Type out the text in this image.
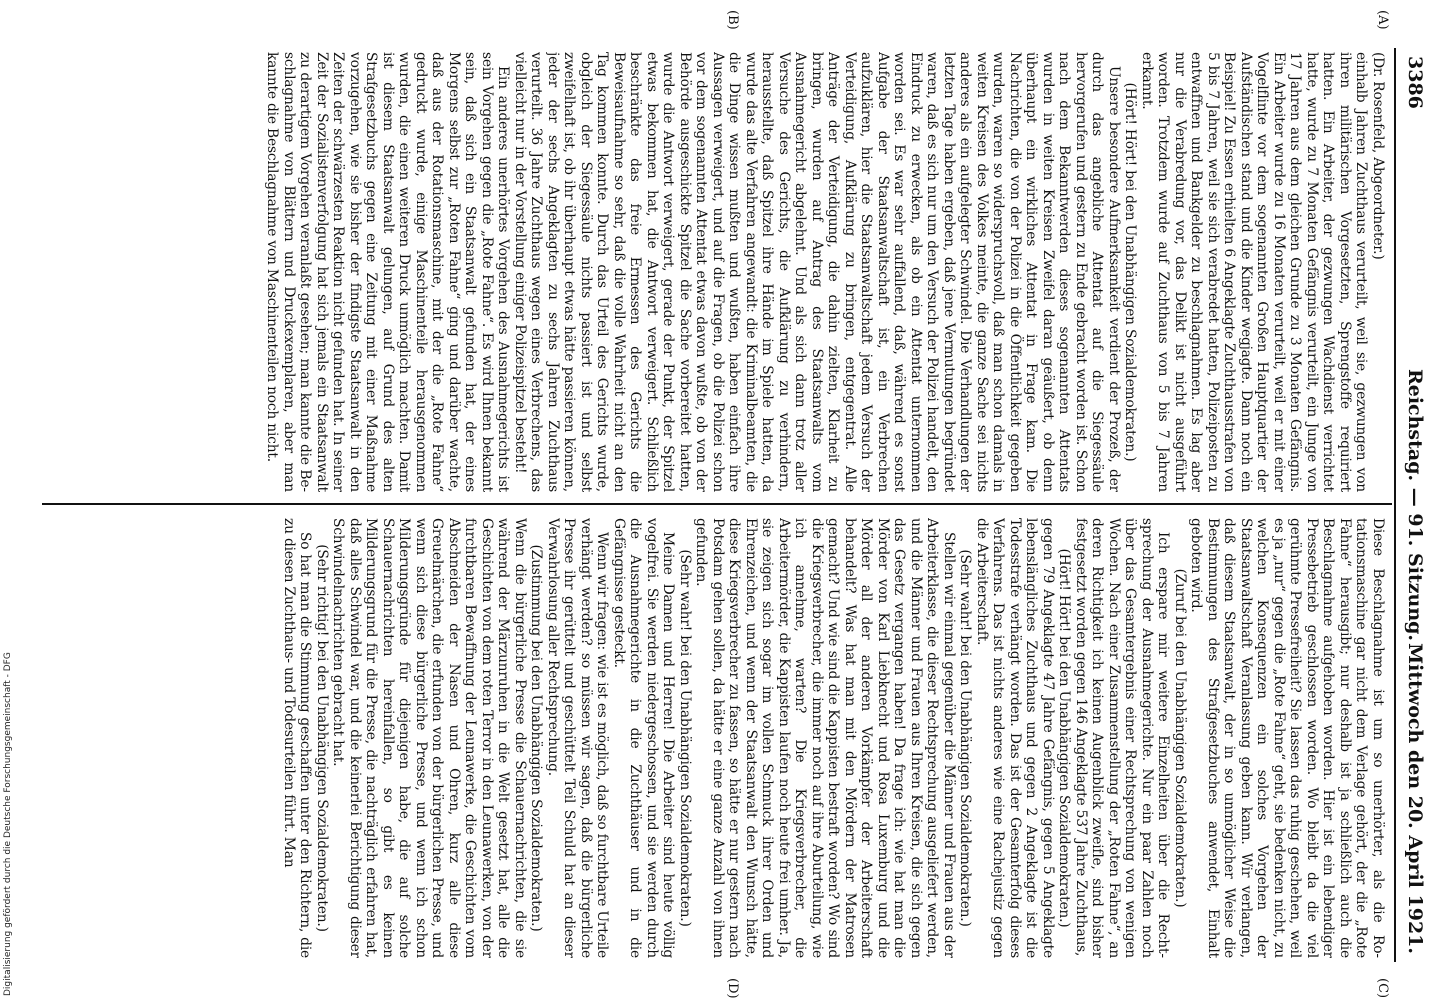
Digitalisierung gefördert durch die Deutsche Forschungsgemeinschaft - DFG
3386
Reichstag. — 91. Sitzung.
Mittwoch den 20. April 1921.
(A)
(B)
(C)
(D)

(Dr. Rosenfeld, Abgeordneter.)

einhalb Jahren Zuchthaus verurteilt, weil sie, gezwungen von ihren militärischen Vorgesetzten, Sprengstoffe requiriert hatten. Ein Arbeiter, der gezwungen Wachdienst verrichtet hatte, wurde zu 7 Monaten Gefängnis verurteilt, ein Junge von 17 Jahren aus dem gleichen Grunde zu 3 Monaten Gefängnis. Ein Arbeiter wurde zu 16 Monaten verurteilt, weil er mit einer Vogelflinte vor dem sogenannten Großen Hauptquartier der Aufständischen stand und die Kinder wegjagte. Dann noch ein Beispiel! Zu Essen erhielten 6 Angeklagte Zuchthausstrafen von 5 bis 7 Jahren, weil sie sich verabredet hatten, Polizeiposten zu entwaffnen und Bankgelder zu beschlagnahmen. Es lag aber nur die Verabredung vor, das Delikt ist nicht ausgeführt worden. Trotzdem wurde auf Zuchthaus von 5 bis 7 Jahren erkannt.

(Hört! Hört! bei den Unabhängigen Sozialdemokraten.)

Unsere besondere Aufmerksamkeit verdient der Prozeß, der durch das angebliche Attentat auf die Siegessäule hervorgerufen und gestern zu Ende gebracht worden ist. Schon nach dem Bekanntwerden dieses sogenannten Attentats wurden in weiten Kreisen Zweifel daran geäußert, ob denn überhaupt ein wirkliches Attentat in Frage kam. Die Nachrichten, die von der Polizei in die Öffentlichkeit gegeben wurden, waren so widerspruchsvoll, daß man schon damals in weiten Kreisen des Volkes meinte, die ganze Sache sei nichts anderes als ein aufgelegter Schwindel. Die Verhandlungen der letzten Tage haben ergeben, daß jene Vermutungen begründet waren, daß es sich nur um den Versuch der Polizei handelt, den Eindruck zu erwecken, als ob ein Attentat unternommen worden sei. Es war sehr auffallend, daß, während es sonst Aufgabe der Staatsanwaltschaft ist, ein Verbrechen aufzuklären, hier die Staatsanwaltschaft jedem Versuch der Verteidigung, Aufklärung zu bringen, entgegentrat. Alle Anträge der Verteidigung, die dahin zielten, Klarheit zu bringen, wurden auf Antrag des Staatsanwalts vom Ausnahmegericht abgelehnt. Und als sich dann trotz aller Versuche des Gerichts, die Aufklärung zu verhindern, herausstellte, daß Spitzel ihre Hände im Spiele hatten, da wurde das alte Verfahren angewandt: die Kriminalbeamten, die die Dinge wissen mußten und wußten, haben einfach ihre Aussagen verweigert, und auf die Fragen, ob die Polizei schon vor dem sogenannten Attentat etwas davon wußte, ob von der Behörde ausgeschickte Spitzel die Sache vorbereitet hatten, wurde die Antwort verweigert, gerade der Punkt, der Spitzel etwas bekommen hat, die Antwort verweigert. Schließlich beschränkte das freie Ermessen des Gerichts die Beweisaufnahme so sehr, daß die volle Wahrheit nicht an den Tag kommen konnte. Durch das Urteil des Gerichts wurde, obgleich der Siegessäule nichts passiert ist und selbst zweifelhaft ist, ob ihr überhaupt etwas hätte passieren können, jeder der sechs Angeklagten zu sechs Jahren Zuchthaus verurteilt. 36 Jahre Zuchthaus wegen eines Verbrechens, das vielleicht nur in der Vorstellung einiger Polizeispitzel besteht!

Ein anderes unerhörtes Vorgehen des Ausnahmegerichts ist sein Vorgehen gegen die „Rote Fahne“. Es wird Ihnen bekannt sein, daß sich ein Staatsanwalt gefunden hat, der eines Morgens selbst zur „Roten Fahne“ ging und darüber wachte, daß aus der Rotationsmaschine, mit der die „Rote Fahne“ gedruckt wurde, einige Maschinenteile herausgenommen wurden, die einen weiteren Druck unmöglich machten. Damit ist diesem Staatsanwalt gelungen, auf Grund des alten Strafgesetzbuchs gegen eine Zeitung mit einer Maßnahme vorzugehen, wie sie bisher der findigste Staatsanwalt in den Zeiten der schwärzesten Reaktion nicht gefunden hat. In seiner Zeit der Sozialistenverfolgung hat sich jemals ein Staatsanwalt zu derartigem Vorgehen veranlaßt gesehen; man kannte die Beschlagnahme von Blättern und Druckexemplaren, aber man kannte die Beschlagnahme von Maschinenteilen noch nicht.

Diese Beschlagnahme ist um so unerhörter, als die Rotationsmaschine gar nicht dem Verlage gehört, der die „Rote Fahne“ herausgibt; nur deshalb ist ja schließlich auch die Beschlagnahme aufgehoben worden. Hier ist ein lebendiger Pressebetrieb geschlossen worden. Wo bleibt da die viel gerühmte Pressefreiheit? Sie lassen das ruhig geschehen, weil es ja „nur“ gegen die „Rote Fahne“ geht, sie bedenken nicht, zu welchen Konsequenzen ein solches Vorgehen der Staatsanwaltschaft Veranlassung geben kann. Wir verlangen, daß diesem Staatsanwalt, der in so unmöglicher Weise die Bestimmungen des Strafgesetzbuches anwendet, Einhalt geboten wird.

(Zuruf bei den Unabhängigen Sozialdemokraten.)

Ich erspare mir weitere Einzelheiten über die Rechtsprechung der Ausnahmegerichte. Nur ein paar Zahlen noch über das Gesamtergebnis einer Rechtsprechung von wenigen Wochen. Nach einer Zusammenstellung der „Roten Fahne“, an deren Richtigkeit ich keinen Augenblick zweifle, sind bisher festgesetzt worden gegen 146 Angeklagte 537 Jahre Zuchthaus,

(Hört! Hört! bei den Unabhängigen Sozialdemokraten.)

gegen 79 Angeklagte 47 Jahre Gefängnis, gegen 5 Angeklagte lebenslängliches Zuchthaus und gegen 2 Angeklagte ist die Todesstrafe verhängt worden. Das ist der Gesamterfolg dieses Verfahrens. Das ist nichts anderes wie eine Rachejustiz gegen die Arbeiterschaft.

(Sehr wahr! bei den Unabhängigen Sozialdemokraten.)

Stellen wir einmal gegenüber die Männer und Frauen aus der Arbeiterklasse, die dieser Rechtsprechung ausgeliefert werden, und die Männer und Frauen aus Ihren Kreisen, die sich gegen das Gesetz vergangen haben! Da frage ich: wie hat man die Mörder von Karl Liebknecht und Rosa Luxemburg und die Mörder all der anderen Vorkämpfer der Arbeiterschaft behandelt? Was hat man mit den Mördern der Matrosen gemacht? Und wie sind die Kappisten bestraft worden? Wo sind die Kriegsverbrecher, die immer noch auf ihre Aburteilung, wie ich annehme, warten? Die Kriegsverbrecher, die Arbeitermörder, die Kappisten laufen noch heute frei umher. Ja, sie zeigen sich sogar im vollen Schmuck ihrer Orden und Ehrenzeichen, und wenn der Staatsanwalt den Wunsch hätte, diese Kriegsverbrecher zu fassen, so hätte er nur gestern nach Potsdam gehen sollen, da hätte er eine ganze Anzahl von ihnen gefunden.

(Sehr wahr! bei den Unabhängigen Sozialdemokraten.)

Meine Damen und Herren! Die Arbeiter sind heute völlig vogelfrei. Sie werden niedergeschossen, und sie werden durch die Ausnahmegerichte in die Zuchthäuser und in die Gefängnisse gesteckt.

Wenn wir fragen: wie ist es möglich, daß so furchtbare Urteile verhängt werden? so müssen wir sagen, daß die bürgerliche Presse ihr gerüttelt und geschüttelt Teil Schuld hat an dieser Verwahrlosung aller Rechtsprechung.

(Zustimmung bei den Unabhängigen Sozialdemokraten.)

Wenn die bürgerliche Presse die Schauernachrichten, die sie während der Märzunruhen in die Welt gesetzt hat, alle die Geschichten von dem roten Terror in den Leunawerken, von der furchtbaren Bewaffnung der Leunawerke, die Geschichten vom Abschneiden der Nasen und Ohren, kurz alle diese Greuelmärchen, die erfunden von der bürgerlichen Presse, und wenn sich diese bürgerliche Presse, und wenn ich schon Milderungsgründe für diejenigen habe, die auf solche Schauernachrichten hereinfallen, so gibt es keinen Milderungsgrund für die Presse, die nachträglich erfahren hat, daß alles Schwindel war, und die keinerlei Berichtigung dieser Schwindelnachrichten gebracht hat.

(Sehr richtig! bei den Unabhängigen Sozialdemokraten.)

So hat man die Stimmung geschaffen unter den Richtern, die zu diesen Zuchthaus- und Todesurteilen führt. Man
